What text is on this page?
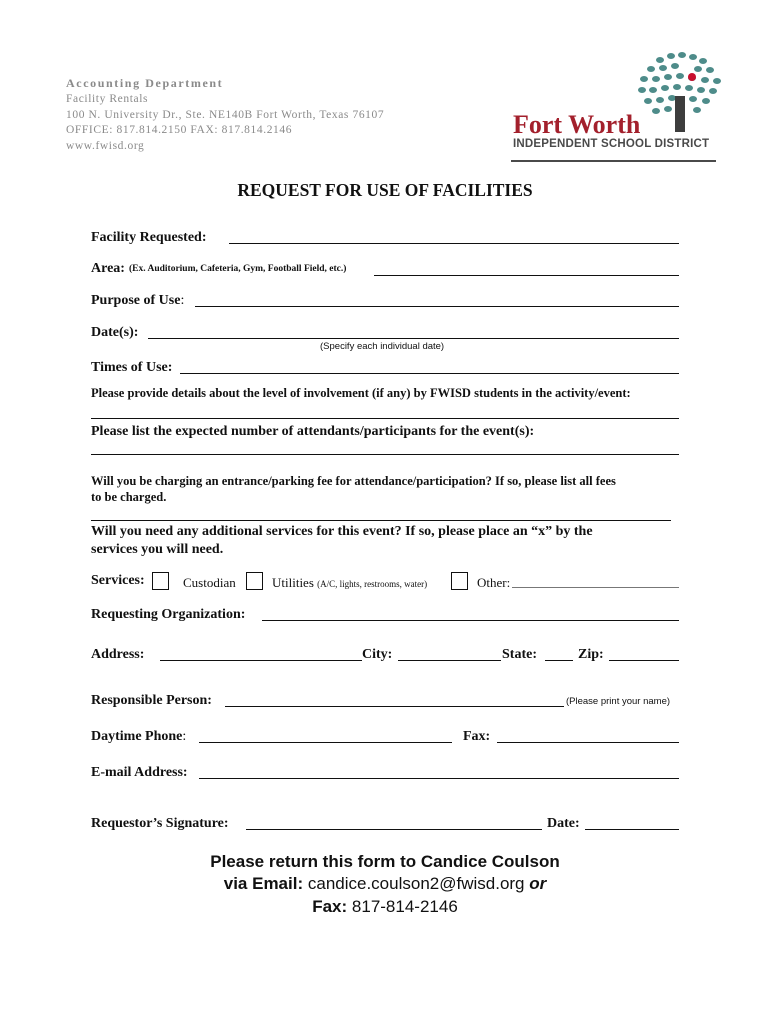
Accounting Department
Facility Rentals
100 N. University Dr., Ste. NE140B Fort Worth, Texas 76107
OFFICE: 817.814.2150 FAX: 817.814.2146
www.fwisd.org
Fort Worth
INDEPENDENT SCHOOL DISTRICT
REQUEST FOR USE OF FACILITIES
Facility Requested:
Area: (Ex. Auditorium, Cafeteria, Gym, Football Field, etc.)
Purpose of Use:
Date(s):
(Specify each individual date)
Times of Use:
Please provide details about the level of involvement (if any) by FWISD students in the activity/event:
Please list the expected number of attendants/participants for the event(s):
Will you be charging an entrance/parking fee for attendance/participation? If so, please list all fees
to be charged.
Will you need any additional services for this event? If so, please place an “x” by the
services you will need.
Services:	Custodian	Utilities (A/C, lights, restrooms, water)	Other:
Requesting Organization:
Address:	City:	State:	Zip:
Responsible Person:	(Please print your name)
Daytime Phone:	Fax:
E-mail Address:
Requestor’s Signature:	Date:
Please return this form to Candice Coulson
via Email: candice.coulson2@fwisd.org or
Fax: 817-814-2146
